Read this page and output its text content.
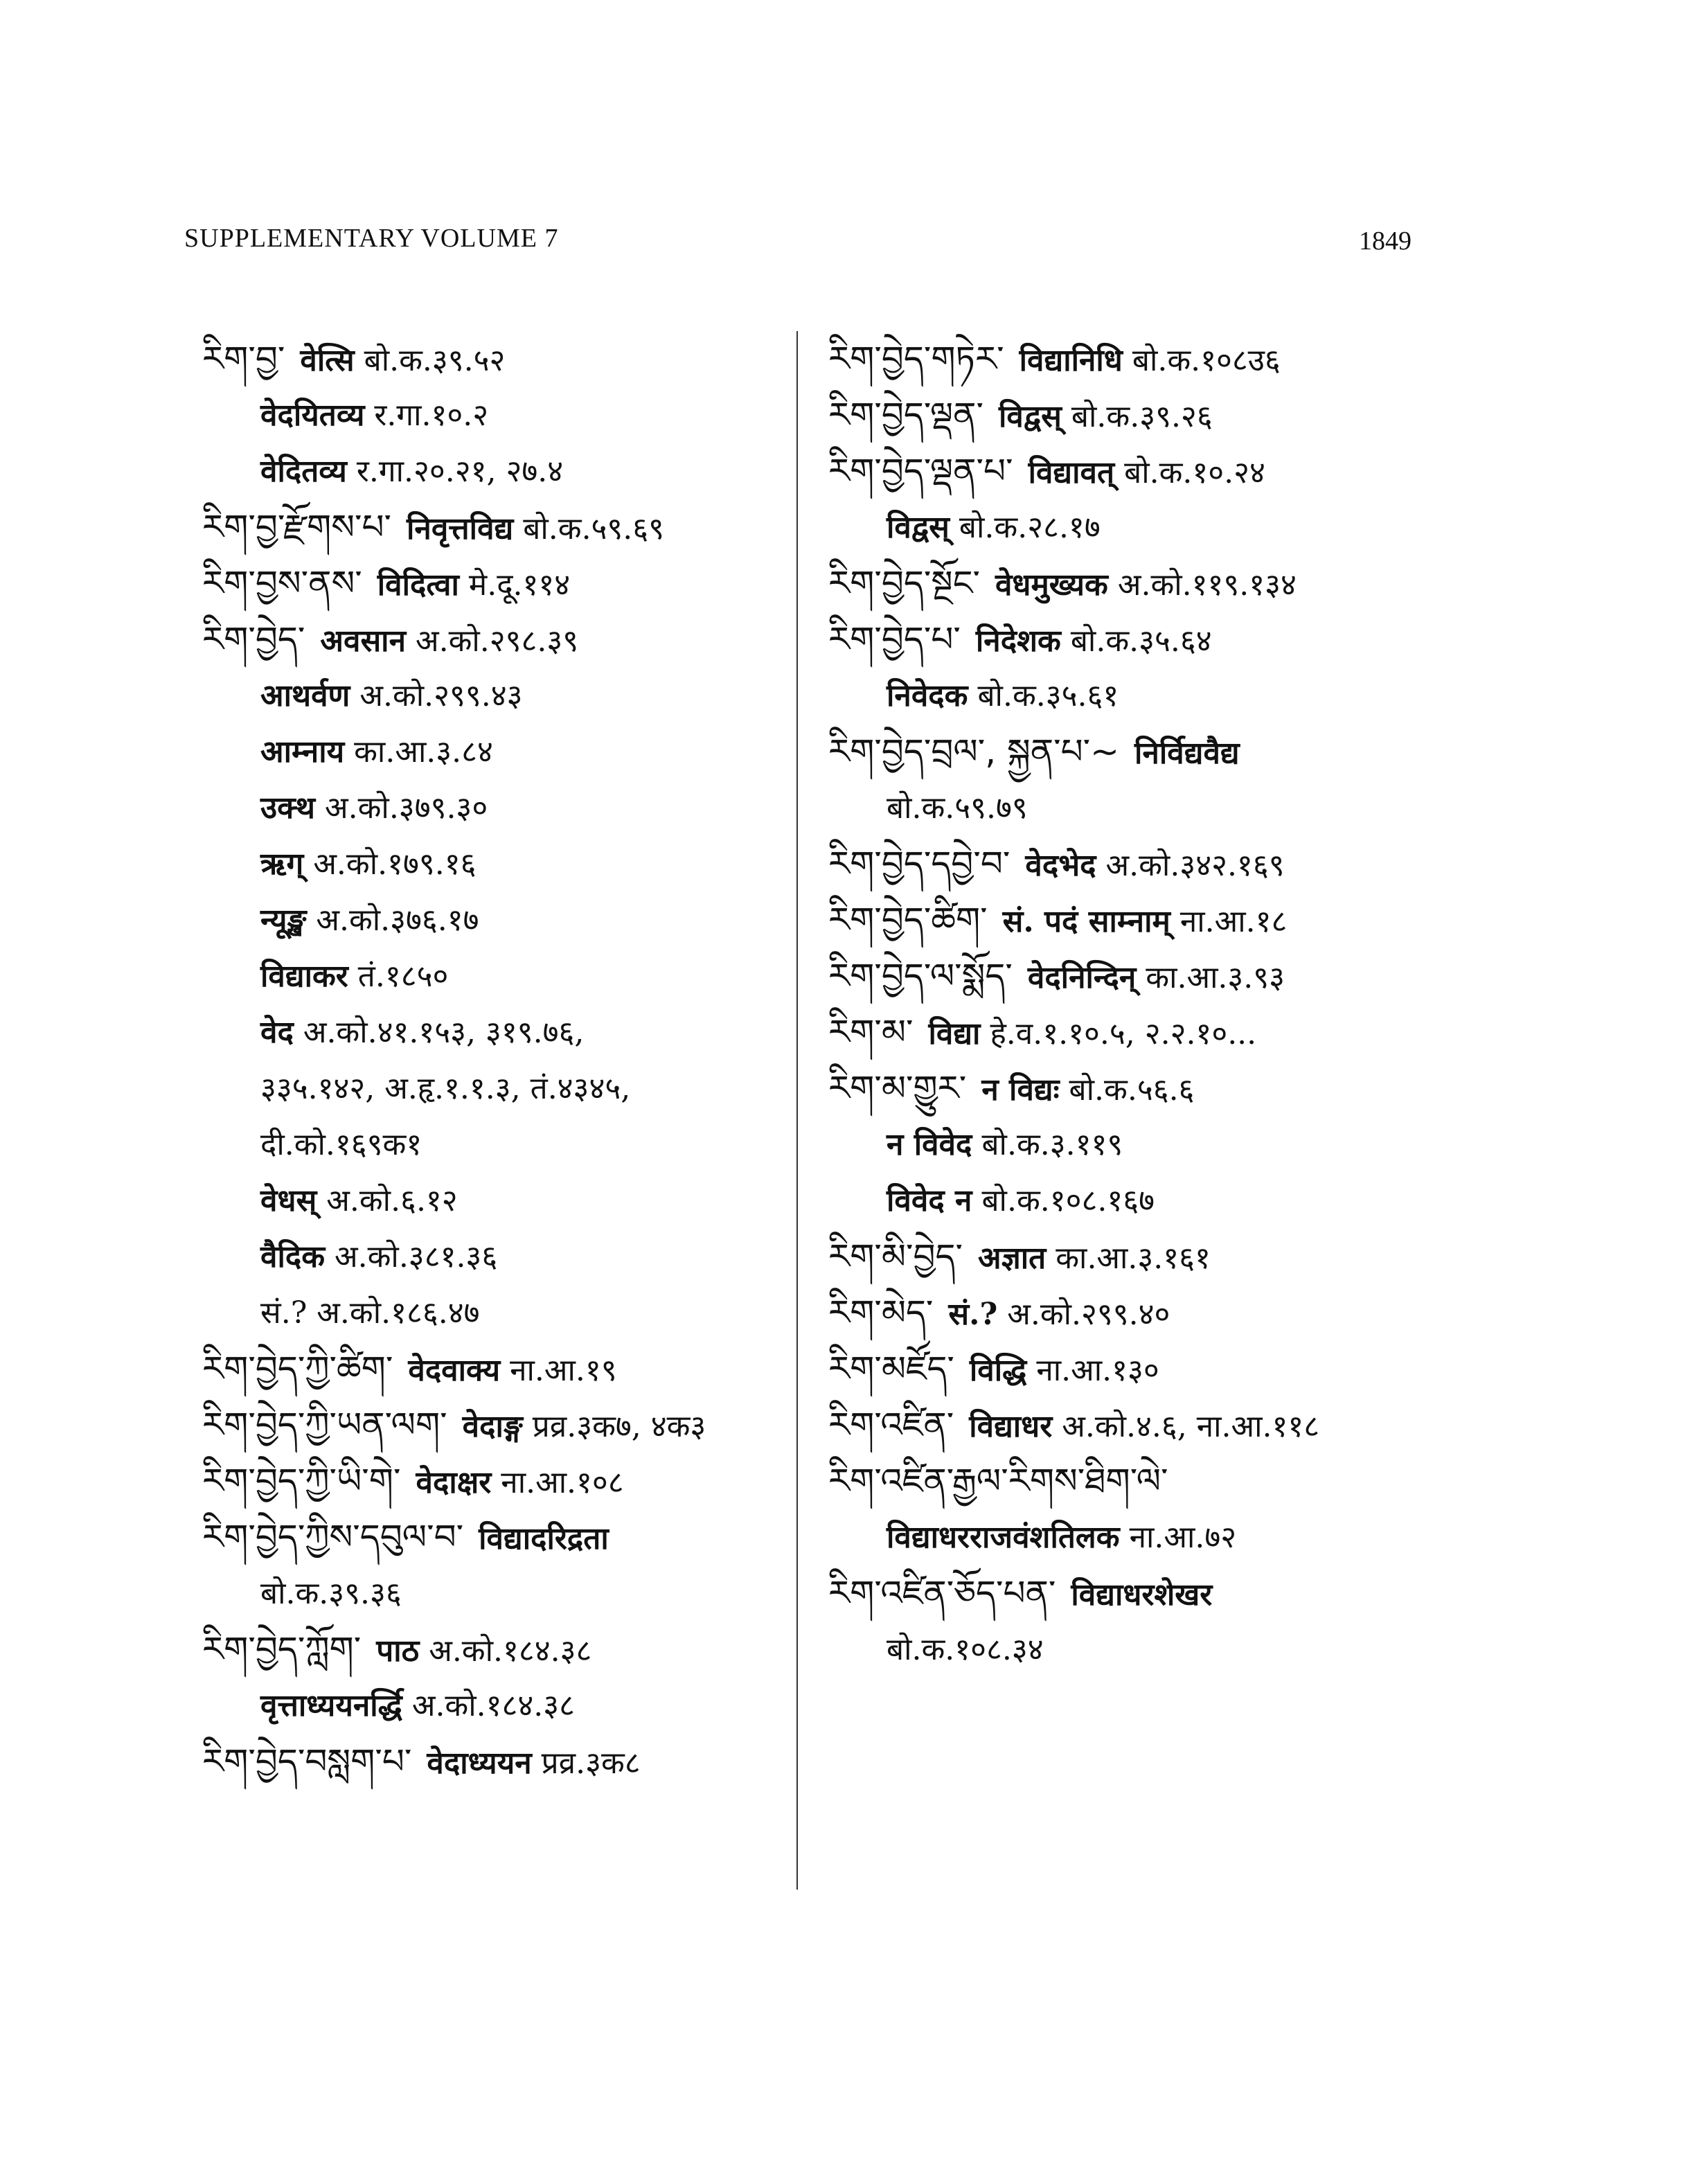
SUPPLEMENTARY VOLUME 7	1849
རིག་བྱ་ वेत्सि बो.क.३९.५२
वेदयितव्य र.गा.१०.२
वेदितव्य र.गा.२०.२१, २७.४
རིག་བྱ་རྫོགས་པ་ निवृत्तविद्य बो.क.५९.६९
རིག་བྱས་ནས་ विदित्वा मे.दू.११४
རིག་བྱེད་ अवसान अ.को.२९८.३९
आथर्वण अ.को.२९९.४३
आम्नाय का.आ.३.८४
उक्थ अ.को.३७९.३०
ऋग् अ.को.१७९.१६
न्यूङ्ख अ.को.३७६.१७
विद्याकर तं.१८५०
वेद अ.को.४१.१५३, ३१९.७६,
३३५.१४२, अ.हृ.१.१.३, तं.४३४५,
दी.को.१६९क१
वेधस् अ.को.६.१२
वैदिक अ.को.३८१.३६
सं.? अ.को.१८६.४७
རིག་བྱེད་ཀྱི་ཚིག་ वेदवाक्य ना.आ.१९
རིག་བྱེད་ཀྱི་ཡན་ལག་ वेदाङ्ग प्रव्र.३क७, ४क३
རིག་བྱེད་ཀྱི་ཡི་གེ་ वेदाक्षर ना.आ.१०८
རིག་བྱེད་ཀྱིས་དབུལ་བ་ विद्यादरिद्रता
बो.क.३९.३६
རིག་བྱེད་ཀློག་ पाठ अ.को.१८४.३८
वृत्ताध्ययनर्द्धि अ.को.१८४.३८
རིག་བྱེད་བསླག་པ་ वेदाध्ययन प्रव्र.३क८
རིག་བྱེད་གཏེར་ विद्यानिधि बो.क.१०८उ६
རིག་བྱེད་ལྡན་ विद्वस् बो.क.३९.२६
རིག་བྱེད་ལྡན་པ་ विद्यावत् बो.क.१०.२४
विद्वस् बो.क.२८.१७
རིག་བྱེད་སྔོང་ वेधमुख्यक अ.को.११९.१३४
རིག་བྱེད་པ་ निदेशक बो.क.३५.६४
निवेदक बो.क.३५.६१
རིག་བྱེད་བྲལ་, སྐྱན་པ་~ निर्विद्यवैद्य
बो.क.५९.७९
རིག་བྱེད་དབྱེ་བ་ वेदभेद अ.को.३४२.१६९
རིག་བྱེད་ཚིག་ सं. पदं साम्नाम् ना.आ.१८
རིག་བྱེད་ལ་སྨོད་ वेदनिन्दिन् का.आ.३.९३
རིག་མ་ विद्या हे.व.१.१०.५, २.२.१०...
རིག་མ་གྱུར་ न विद्यः बो.क.५६.६
न विवेद बो.क.३.११९
विवेद न बो.क.१०८.१६७
རིག་མི་བྱེད་ अज्ञात का.आ.३.१६१
རིག་མེད་ सं.? अ.को.२९९.४०
རིག་མཛོད་ विद्धि ना.आ.१३०
རིག་འཛིན་ विद्याधर अ.को.४.६, ना.आ.११८
རིག་འཛིན་རྒྱལ་རིགས་ཐིག་ལེ་
विद्याधरराजवंशतिलक ना.आ.७२
རིག་འཛིན་ཅོད་པན་ विद्याधरशेखर
बो.क.१०८.३४
